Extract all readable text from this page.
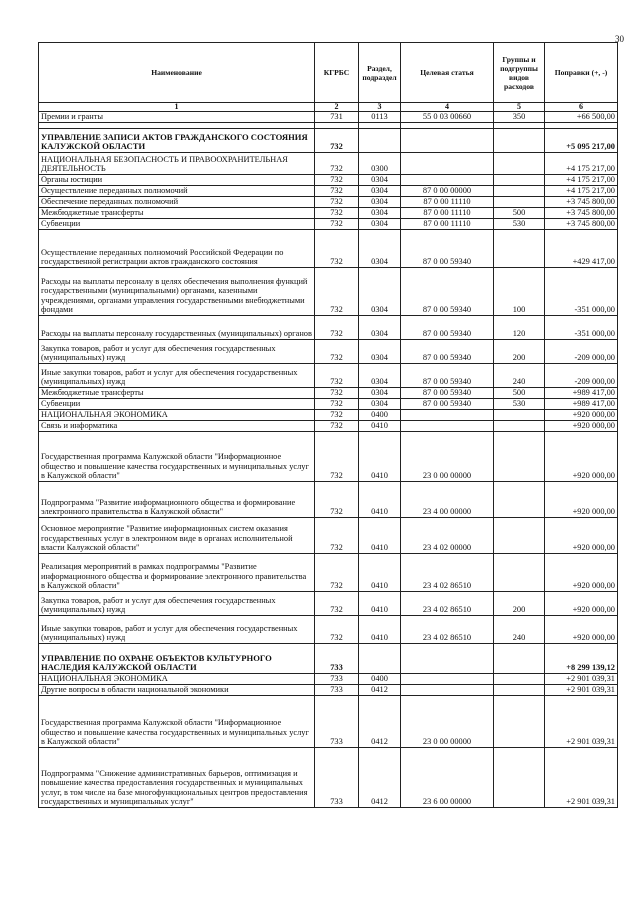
30
Наименование	КГРБС	Раздел, подраздел	Целевая статья	Группы и подгруппы видов расходов	Поправки (+, -)
1	2	3	4	5	6
Премии и гранты	731	0113	55 0 03 00660	350	+66 500,00

УПРАВЛЕНИЕ ЗАПИСИ АКТОВ ГРАЖДАНСКОГО СОСТОЯНИЯ КАЛУЖСКОЙ ОБЛАСТИ	732				+5 095 217,00
НАЦИОНАЛЬНАЯ БЕЗОПАСНОСТЬ И ПРАВООХРАНИТЕЛЬНАЯ ДЕЯТЕЛЬНОСТЬ	732	0300			+4 175 217,00
Органы юстиции	732	0304			+4 175 217,00
Осуществление переданных полномочий	732	0304	87 0 00 00000		+4 175 217,00
Обеспечение переданных полномочий	732	0304	87 0 00 11110		+3 745 800,00
Межбюджетные трансферты	732	0304	87 0 00 11110	500	+3 745 800,00
Субвенции	732	0304	87 0 00 11110	530	+3 745 800,00
Осуществление переданных полномочий Российской Федерации по государственной регистрации актов гражданского состояния	732	0304	87 0 00 59340		+429 417,00
Расходы на выплаты персоналу в целях обеспечения выполнения функций государственными (муниципальными) органами, казенными учреждениями, органами управления государственными внебюджетными фондами	732	0304	87 0 00 59340	100	-351 000,00
Расходы на выплаты персоналу государственных (муниципальных) органов	732	0304	87 0 00 59340	120	-351 000,00
Закупка товаров, работ и услуг для обеспечения государственных (муниципальных) нужд	732	0304	87 0 00 59340	200	-209 000,00
Иные закупки товаров, работ и услуг для обеспечения государственных (муниципальных) нужд	732	0304	87 0 00 59340	240	-209 000,00
Межбюджетные трансферты	732	0304	87 0 00 59340	500	+989 417,00
Субвенции	732	0304	87 0 00 59340	530	+989 417,00
НАЦИОНАЛЬНАЯ ЭКОНОМИКА	732	0400			+920 000,00
Связь и информатика	732	0410			+920 000,00
Государственная программа Калужской области "Информационное общество и повышение качества государственных и муниципальных услуг в Калужской области"	732	0410	23 0 00 00000		+920 000,00
Подпрограмма "Развитие информационного общества и формирование электронного правительства в Калужской области"	732	0410	23 4 00 00000		+920 000,00
Основное мероприятие "Развитие информационных систем оказания государственных услуг в электронном виде в органах исполнительной власти Калужской области"	732	0410	23 4 02 00000		+920 000,00
Реализация мероприятий в рамках подпрограммы "Развитие информационного общества и формирование электронного правительства в Калужской области"	732	0410	23 4 02 86510		+920 000,00
Закупка товаров, работ и услуг для обеспечения государственных (муниципальных) нужд	732	0410	23 4 02 86510	200	+920 000,00
Иные закупки товаров, работ и услуг для обеспечения государственных (муниципальных) нужд	732	0410	23 4 02 86510	240	+920 000,00
УПРАВЛЕНИЕ ПО ОХРАНЕ ОБЪЕКТОВ КУЛЬТУРНОГО НАСЛЕДИЯ КАЛУЖСКОЙ ОБЛАСТИ	733				+8 299 139,12
НАЦИОНАЛЬНАЯ ЭКОНОМИКА	733	0400			+2 901 039,31
Другие вопросы в области национальной экономики	733	0412			+2 901 039,31
Государственная программа Калужской области "Информационное общество и повышение качества государственных и муниципальных услуг в Калужской области"	733	0412	23 0 00 00000		+2 901 039,31
Подпрограмма "Снижение административных барьеров, оптимизация и повышение качества предоставления государственных и муниципальных услуг, в том числе на базе многофункциональных центров предоставления государственных и муниципальных услуг"	733	0412	23 6 00 00000		+2 901 039,31
